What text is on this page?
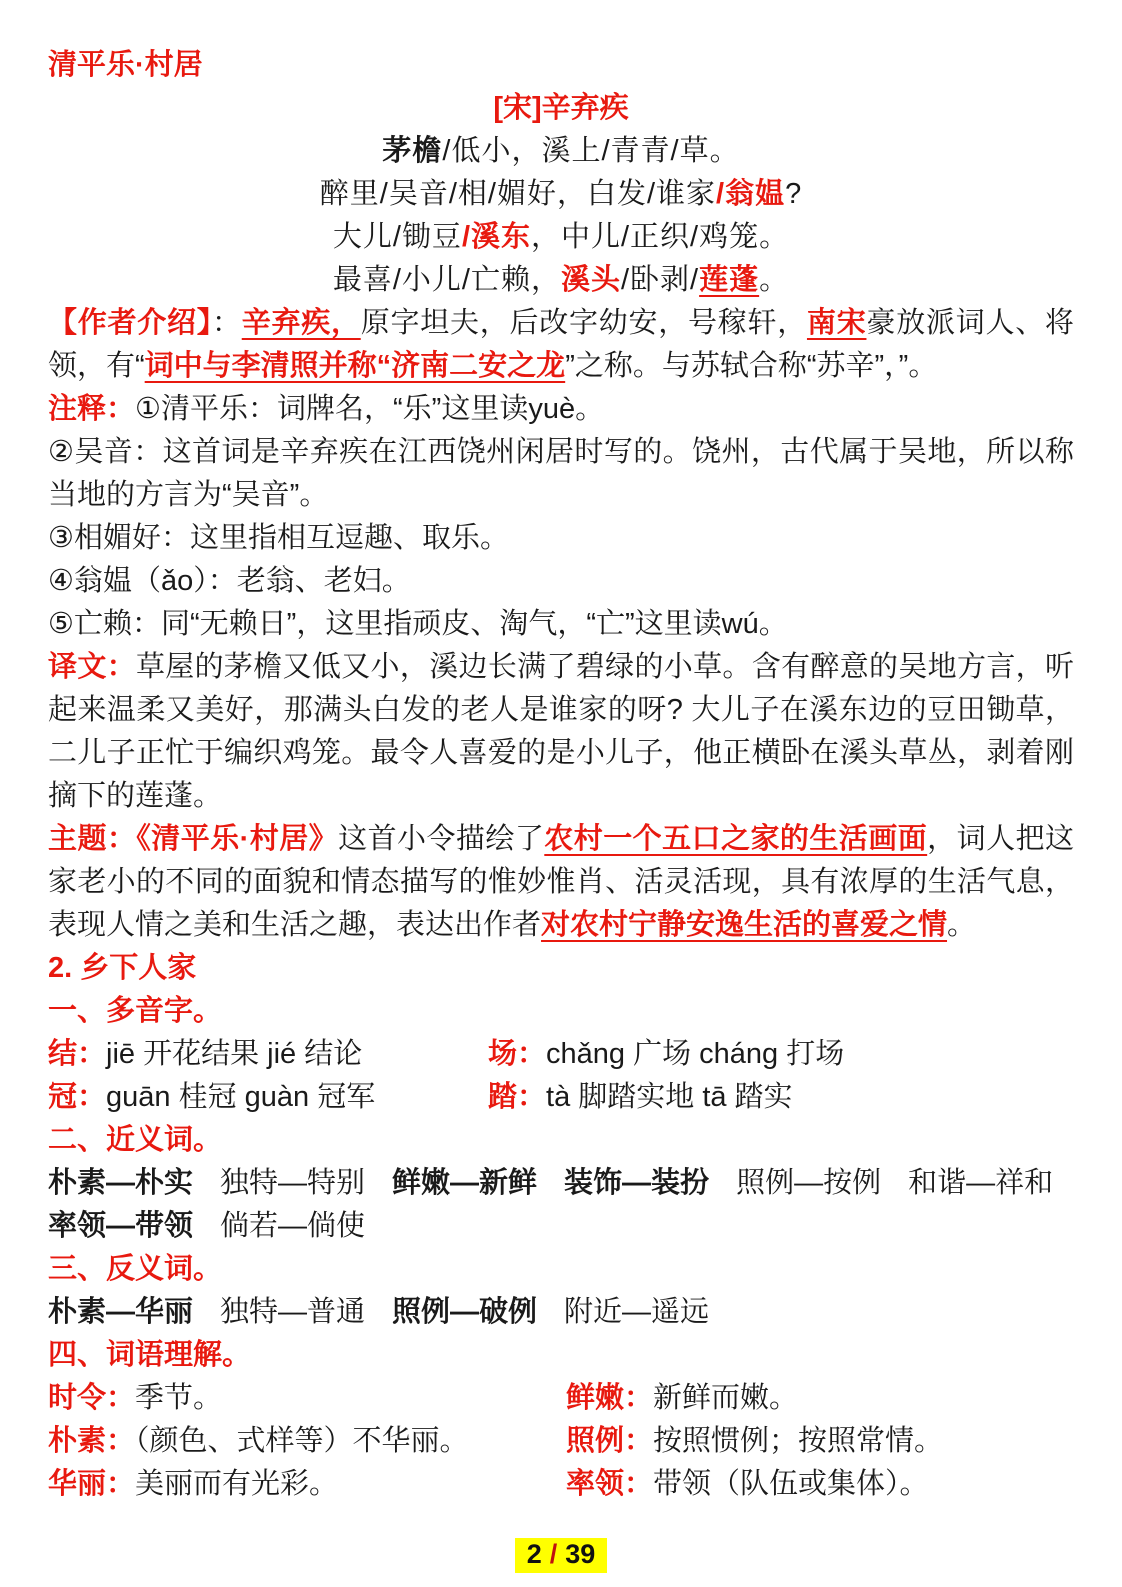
清平乐·村居
[宋]辛弃疾
茅檐/低小，溪上/青青/草。
醉里/吴音/相/媚好，白发/谁家/翁媪?
大儿/锄豆/溪东，中儿/正织/鸡笼。
最喜/小儿/亡赖，溪头/卧剥/莲蓬。

【作者介绍】：辛弃疾，原字坦夫，后改字幼安，号稼轩，南宋豪放派词人、将领，有“词中与李清照并称“济南二安之龙”之称。与苏轼合称“苏辛”，”。

注释：①清平乐：词牌名，“乐”这里读yuè。

②吴音：这首词是辛弃疾在江西饶州闲居时写的。饶州，古代属于吴地，所以称当地的方言为“吴音”。

③相媚好：这里指相互逗趣、取乐。

④翁媪（ǎo）：老翁、老妇。

⑤亡赖：同“无赖日”，这里指顽皮、淘气，“亡”这里读wú。

译文：草屋的茅檐又低又小，溪边长满了碧绿的小草。含有醉意的吴地方言，听起来温柔又美好，那满头白发的老人是谁家的呀? 大儿子在溪东边的豆田锄草，二儿子正忙于编织鸡笼。最令人喜爱的是小儿子，他正横卧在溪头草丛，剥着刚摘下的莲蓬。

主题：《清平乐·村居》这首小令描绘了农村一个五口之家的生活画面，词人把这家老小的不同的面貌和情态描写的惟妙惟肖、活灵活现，具有浓厚的生活气息，表现人情之美和生活之趣，表达出作者对农村宁静安逸生活的喜爱之情。

2. 乡下人家
一、多音字。
结：jiē 开花结果 jié 结论	场：chǎng 广场 cháng 打场
冠：guān 桂冠 guàn 冠军	踏：tà 脚踏实地 tā 踏实
二、近义词。

朴素—朴实 独特—特别 鲜嫩—新鲜 装饰—装扮 照例—按例 和谐—祥和

率领—带领 倘若—倘使

三、反义词。

朴素—华丽 独特—普通 照例—破例 附近—遥远

四、词语理解。
时令：季节。	鲜嫩：新鲜而嫩。
朴素：（颜色、式样等）不华丽。	照例：按照惯例；按照常情。
华丽：美丽而有光彩。	率领：带领（队伍或集体）。
2 / 39
